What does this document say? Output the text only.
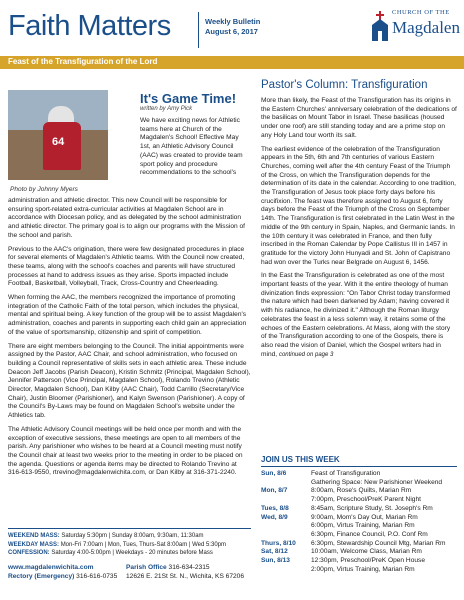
Faith Matters	Weekly Bulletin
August 6, 2017
CHURCH OF THE
Magdalen
Feast of the Transfiguration of the Lord
64
Photo by Johnny Myers
It's Game Time!
written by Amy Pick
We have exciting news for Athletic teams here at Church of the Magdalen's School! Effective May 1st, an Athletic Advisory Council (AAC) was created to provide team sport policy and procedure recommendations to the school's

administration and athletic director. This new Council will be responsible for ensuring sport-related extra-curricular activities at Magdalen School are in accordance with Diocesan policy, and as delegated by the school administration and athletic director. The primary goal is to align our programs with the Mission of the school and parish.

Previous to the AAC's origination, there were few designated procedures in place for several elements of Magdalen's Athletic teams. With the Council now created, these teams, along with the school's coaches and parents will have structured processes at hand to address issues as they arise. Sports impacted include Football, Basketball, Volleyball, Track, Cross-Country and Cheerleading.

When forming the AAC, the members recognized the importance of promoting integration of the Catholic Faith of the total person, which includes the physical, mental and spiritual being. A key function of the group will be to assist Magdalen's administration, coaches and parents in supporting each child gain an appreciation of the value of sportsmanship, citizenship and spirit of competition.

There are eight members belonging to the Council. The initial appointments were assigned by the Pastor, AAC Chair, and school administration, who focused on building a Council representative of skills sets in each athletic area. These include Deacon Jeff Jacobs (Parish Deacon), Kristin Schmitz (Principal, Magdalen School), Jennifer Patterson (Vice Principal, Magdalen School), Rolando Trevino (Athletic Director, Magdalen School), Dan Kilby (AAC Chair), Todd Carrillo (Secretary/Vice Chair), Justin Bloomer (Parishioner), and Kalyn Swenson (Parishioner). A copy of the Council's By-Laws may be found on Magdalen School's website under the Athletics tab.

The Athletic Advisory Council meetings will be held once per month and with the exception of executive sessions, these meetings are open to all members of the parish. Any parishioner who wishes to be heard at a Council meeting must notify the Council chair at least two weeks prior to the meeting in order to be placed on the agenda. Questions or agenda items may be directed to Rolando Trevino at 316-613-9550, rtrevino@magdalenwichita.com, or Dan Kilby at 316-371-2240.

WEEKEND MASS: Saturday 5:30pm | Sunday 8:00am, 9:30am, 11:30am
WEEKDAY MASS: Mon-Fri 7:00am | Mon, Tues, Thurs-Sat 8:00am | Wed 5:30pm
CONFESSION: Saturday 4:00-5:00pm | Weekdays - 20 minutes before Mass
www.magdalenwichita.com	Parish Office 316-634-2315
Rectory (Emergency) 316-616-0735 12626 E. 21St St. N., Wichita, KS 67206
Pastor's Column: Transfiguration

More than likely, the Feast of the Transfiguration has its origins in the Eastern Churches' anniversary celebration of the dedications of the basilicas on Mount Tabor in Israel. These basilicas (housed under one roof) are still standing today and are a prime stop on any Holy Land tour worth its salt.

The earliest evidence of the celebration of the Transfiguration appears in the 5th, 6th and 7th centuries of various Eastern Churches, coming well after the 4th century Feast of the Triumph of the Cross, on which the Transfiguration depends for the determination of its date in the calendar. According to one tradition, the Transfiguration of Jesus took place forty days before his crucifixion. The feast was therefore assigned to August 6, forty days before the Feast of the Triumph of the Cross on September 14th. The Transfiguration is first celebrated in the Latin West in the middle of the 9th century in Spain, Naples, and Germanic lands. In the 10th century it was celebrated in France, and then fully inscribed in the Roman Calendar by Pope Callistus III in 1457 in gratitude for the victory John Hunyadi and St. John of Capistrano had won over the Turks near Belgrade on August 6, 1456.

In the East the Transfiguration is celebrated as one of the most important feasts of the year. With it the entire theology of human divinization finds expression: "On Tabor Christ today transformed the nature which had been darkened by Adam; having covered it with his radiance, he divinized it." Although the Roman liturgy celebrates the feast in a less solemn way, it retains some of the echoes of the Eastern celebrations. At Mass, along with the story of the Transfiguration according to one of the Gospels, there is also read the vision of Daniel, which the Gospel writers had in mind, continued on page 3

JOIN US THIS WEEK
Sun, 8/6	Feast of Transfiguration
Gathering Space: New Parishioner Weekend
Mon, 8/7	8:00am, Rose's Quilts, Marian Rm
7:00pm, Preschool/PreK Parent Night
Tues, 8/8	8:45am, Scripture Study, St. Joseph's Rm
Wed, 8/9	9:00am, Mom's Day Out, Marian Rm
6:00pm, Virtus Training, Marian Rm
6:30pm, Finance Council, P.O. Conf Rm
Thurs, 8/10	6:30pm, Stewardship Council Mtg, Marian Rm
Sat, 8/12	10:00am, Welcome Class, Marian Rm
Sun, 8/13	12:30pm, Preschool/PreK Open House
2:00pm, Virtus Training, Marian Rm
